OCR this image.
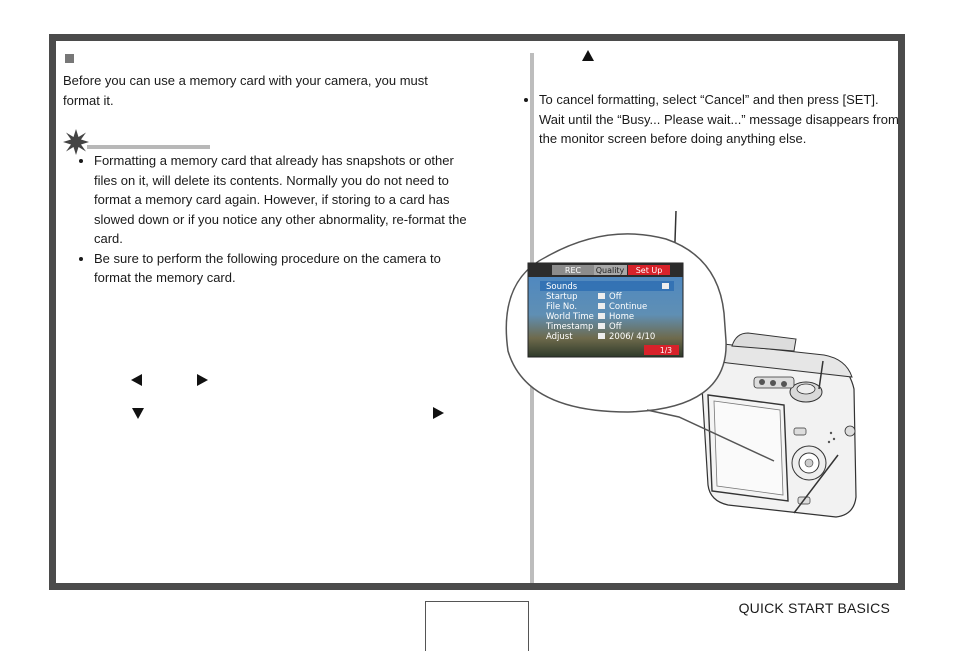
Before you can use a memory card with your camera, you must format it.
• Formatting a memory card that already has snapshots or other files on it, will delete its contents. Normally you do not need to format a memory card again. However, if storing to a card has slowed down or if you notice any other abnormality, re-format the card.
• Be sure to perform the following procedure on the camera to format the memory card.
• To cancel formatting, select “Cancel” and then press [SET].
Wait until the “Busy... Please wait...” message disappears from the monitor screen before doing anything else.
REC Quality Set Up
Sounds
Startup
File No.
World Time
Timestamp
Adjust
Off
Continue
Home
Off
2006/ 4/10
1/3
QUICK START BASICS
